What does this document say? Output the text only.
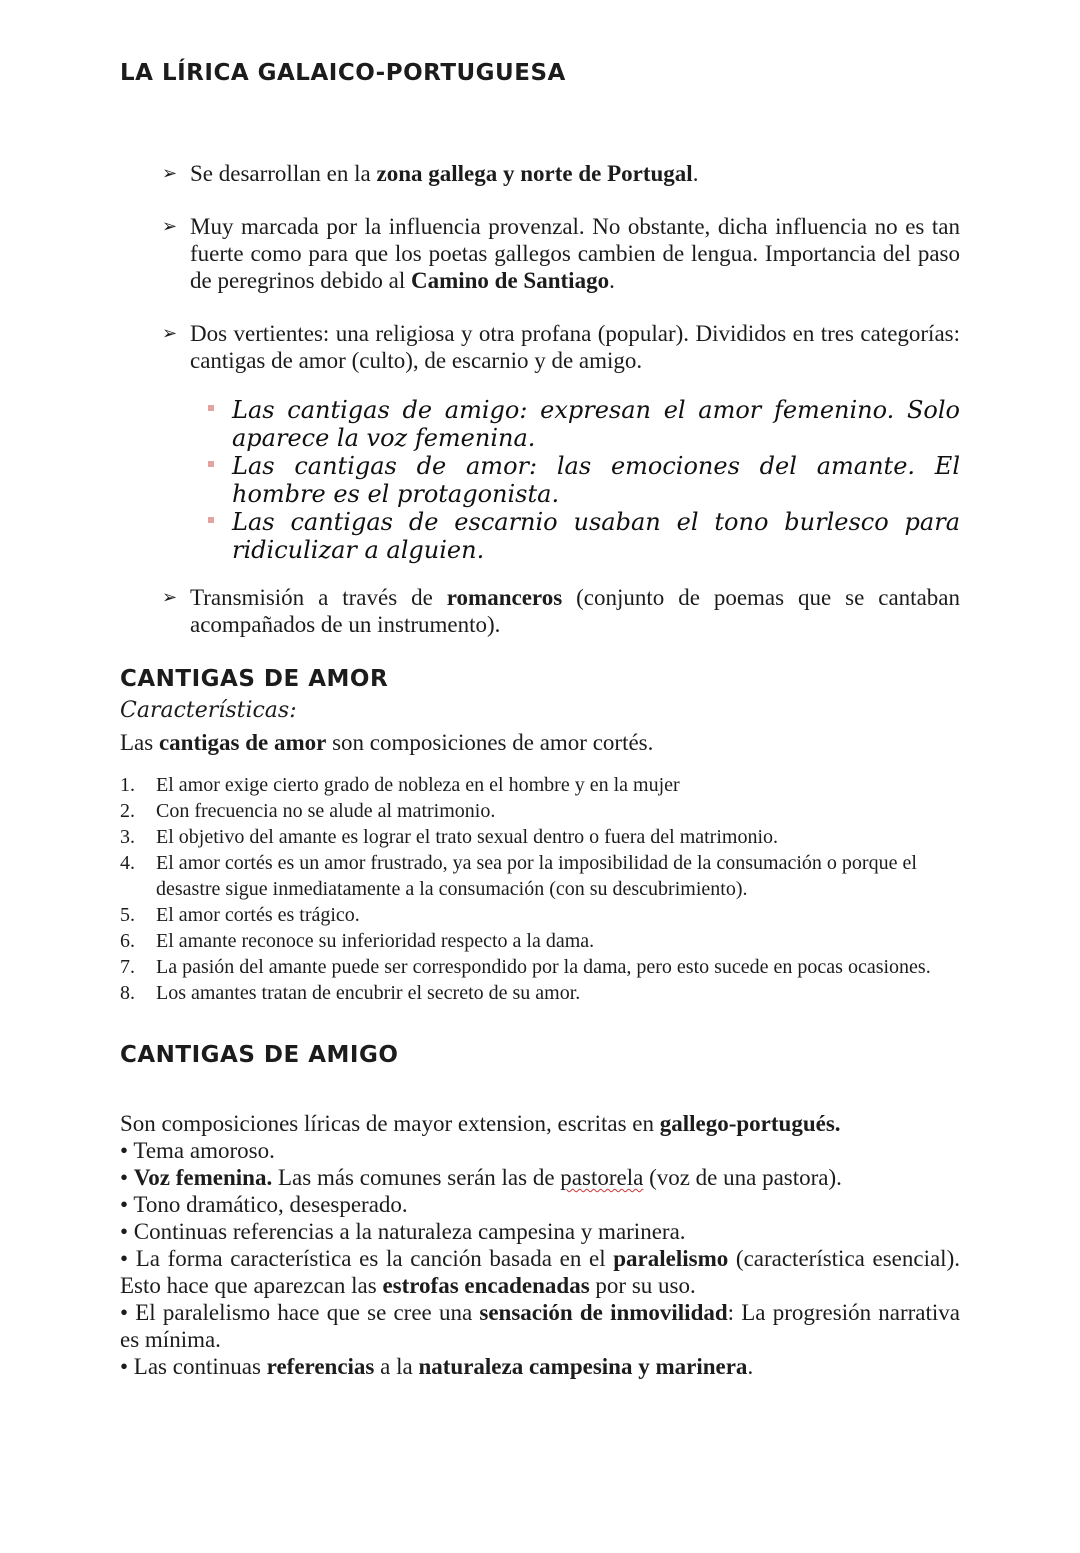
LA LÍRICA GALAICO-PORTUGUESA
➢ Se desarrollan en la zona gallega y norte de Portugal.
➢ Muy marcada por la influencia provenzal. No obstante, dicha influencia no es tan fuerte como para que los poetas gallegos cambien de lengua. Importancia del paso de peregrinos debido al Camino de Santiago.
➢ Dos vertientes: una religiosa y otra profana (popular). Divididos en tres categorías: cantigas de amor (culto), de escarnio y de amigo.
Las cantigas de amigo: expresan el amor femenino. Solo aparece la voz femenina.
Las cantigas de amor: las emociones del amante. El hombre es el protagonista.
Las cantigas de escarnio usaban el tono burlesco para ridiculizar a alguien.
➢ Transmisión a través de romanceros (conjunto de poemas que se cantaban acompañados de un instrumento).
CANTIGAS DE AMOR

Características:

Las cantigas de amor son composiciones de amor cortés.

1. El amor exige cierto grado de nobleza en el hombre y en la mujer
2. Con frecuencia no se alude al matrimonio.
3. El objetivo del amante es lograr el trato sexual dentro o fuera del matrimonio.
4. El amor cortés es un amor frustrado, ya sea por la imposibilidad de la consumación o porque el desastre sigue inmediatamente a la consumación (con su descubrimiento).
5. El amor cortés es trágico.
6. El amante reconoce su inferioridad respecto a la dama.
7. La pasión del amante puede ser correspondido por la dama, pero esto sucede en pocas ocasiones.
8. Los amantes tratan de encubrir el secreto de su amor.
CANTIGAS DE AMIGO

Son composiciones líricas de mayor extension, escritas en gallego-portugués.

• Tema amoroso.

• Voz femenina. Las más comunes serán las de pastorela (voz de una pastora).

• Tono dramático, desesperado.

• Continuas referencias a la naturaleza campesina y marinera.

• La forma característica es la canción basada en el paralelismo (característica esencial). Esto hace que aparezcan las estrofas encadenadas por su uso.

• El paralelismo hace que se cree una sensación de inmovilidad: La progresión narrativa es mínima.

• Las continuas referencias a la naturaleza campesina y marinera.
